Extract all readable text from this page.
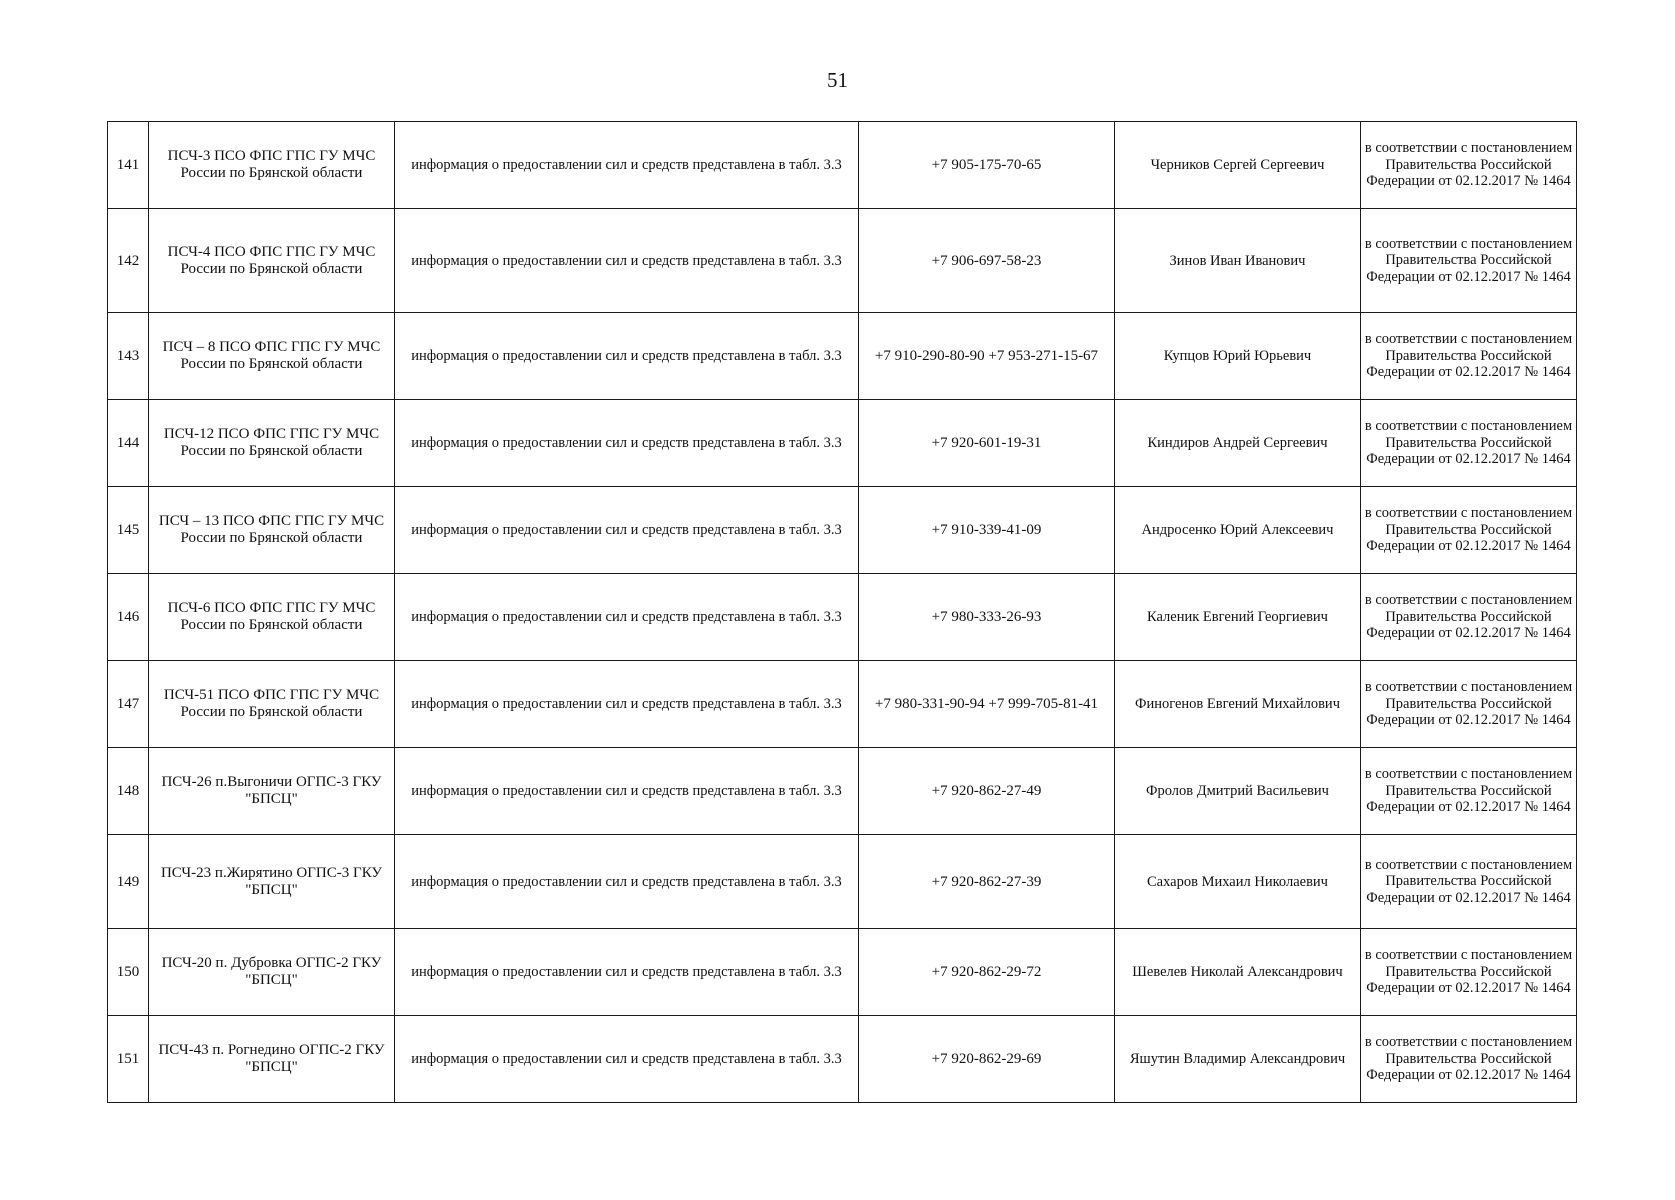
51
141	ПСЧ-3 ПСО ФПС ГПС ГУ МЧС России по Брянской области	информация о предоставлении сил и средств представлена в табл. 3.3	+7 905-175-70-65	Черников Сергей Сергеевич	в соответствии с постановлением Правительства Российской Федерации от 02.12.2017 № 1464
142	ПСЧ-4 ПСО ФПС ГПС ГУ МЧС России по Брянской области	информация о предоставлении сил и средств представлена в табл. 3.3	+7 906-697-58-23	Зинов Иван Иванович	в соответствии с постановлением Правительства Российской Федерации от 02.12.2017 № 1464
143	ПСЧ – 8 ПСО ФПС ГПС ГУ МЧС России по Брянской области	информация о предоставлении сил и средств представлена в табл. 3.3	+7 910-290-80-90 +7 953-271-15-67	Купцов Юрий Юрьевич	в соответствии с постановлением Правительства Российской Федерации от 02.12.2017 № 1464
144	ПСЧ-12 ПСО ФПС ГПС ГУ МЧС России по Брянской области	информация о предоставлении сил и средств представлена в табл. 3.3	+7 920-601-19-31	Киндиров Андрей Сергеевич	в соответствии с постановлением Правительства Российской Федерации от 02.12.2017 № 1464
145	ПСЧ – 13 ПСО ФПС ГПС ГУ МЧС России по Брянской области	информация о предоставлении сил и средств представлена в табл. 3.3	+7 910-339-41-09	Андросенко Юрий Алексеевич	в соответствии с постановлением Правительства Российской Федерации от 02.12.2017 № 1464
146	ПСЧ-6 ПСО ФПС ГПС ГУ МЧС России по Брянской области	информация о предоставлении сил и средств представлена в табл. 3.3	+7 980-333-26-93	Каленик Евгений Георгиевич	в соответствии с постановлением Правительства Российской Федерации от 02.12.2017 № 1464
147	ПСЧ-51 ПСО ФПС ГПС ГУ МЧС России по Брянской области	информация о предоставлении сил и средств представлена в табл. 3.3	+7 980-331-90-94 +7 999-705-81-41	Финогенов Евгений Михайлович	в соответствии с постановлением Правительства Российской Федерации от 02.12.2017 № 1464
148	ПСЧ-26 п.Выгоничи ОГПС-3 ГКУ "БПСЦ"	информация о предоставлении сил и средств представлена в табл. 3.3	+7 920-862-27-49	Фролов Дмитрий Васильевич	в соответствии с постановлением Правительства Российской Федерации от 02.12.2017 № 1464
149	ПСЧ-23 п.Жирятино ОГПС-3 ГКУ "БПСЦ"	информация о предоставлении сил и средств представлена в табл. 3.3	+7 920-862-27-39	Сахаров Михаил Николаевич	в соответствии с постановлением Правительства Российской Федерации от 02.12.2017 № 1464
150	ПСЧ-20 п. Дубровка ОГПС-2 ГКУ "БПСЦ"	информация о предоставлении сил и средств представлена в табл. 3.3	+7 920-862-29-72	Шевелев Николай Александрович	в соответствии с постановлением Правительства Российской Федерации от 02.12.2017 № 1464
151	ПСЧ-43 п. Рогнедино ОГПС-2 ГКУ "БПСЦ"	информация о предоставлении сил и средств представлена в табл. 3.3	+7 920-862-29-69	Яшутин Владимир Александрович	в соответствии с постановлением Правительства Российской Федерации от 02.12.2017 № 1464
